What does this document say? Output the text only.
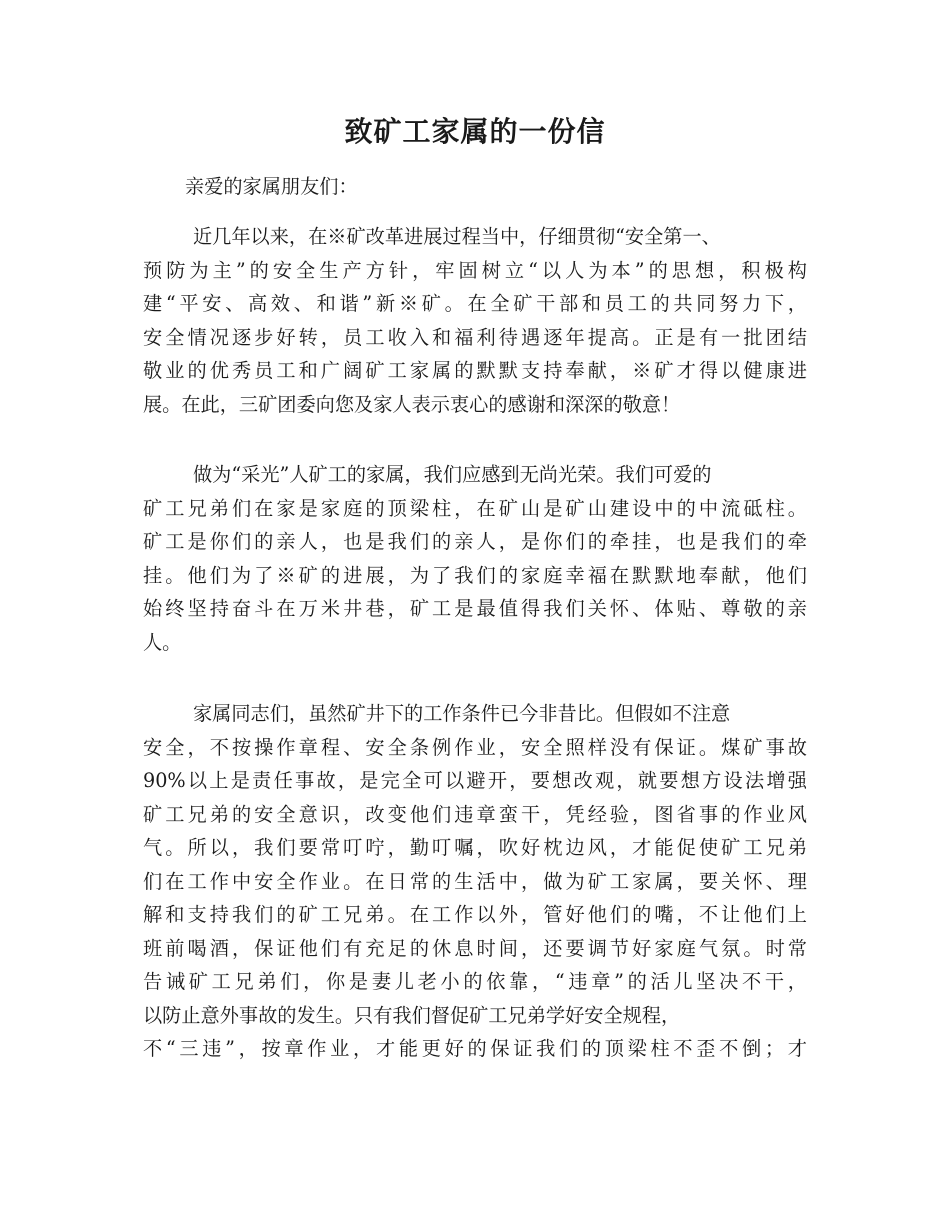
致矿工家属的一份信

亲爱的家属朋友们：

近几年以来，在※矿改革进展过程当中，仔细贯彻“安全第一、
预防为主”的安全生产方针，牢固树立“以人为本”的思想，积极构
建“平安、高效、和谐”新※矿。在全矿干部和员工的共同努力下，
安全情况逐步好转，员工收入和福利待遇逐年提高。正是有一批团结
敬业的优秀员工和广阔矿工家属的默默支持奉献，※矿才得以健康进
展。在此，三矿团委向您及家人表示衷心的感谢和深深的敬意！
做为“采光”人矿工的家属，我们应感到无尚光荣。我们可爱的
矿工兄弟们在家是家庭的顶梁柱，在矿山是矿山建设中的中流砥柱。
矿工是你们的亲人，也是我们的亲人，是你们的牵挂，也是我们的牵
挂。他们为了※矿的进展，为了我们的家庭幸福在默默地奉献，他们
始终坚持奋斗在万米井巷，矿工是最值得我们关怀、体贴、尊敬的亲
人。
家属同志们，虽然矿井下的工作条件已今非昔比。但假如不注意
安全，不按操作章程、安全条例作业，安全照样没有保证。煤矿事故
90%以上是责任事故，是完全可以避开，要想改观，就要想方设法增强
矿工兄弟的安全意识，改变他们违章蛮干，凭经验，图省事的作业风
气。所以，我们要常叮咛，勤叮嘱，吹好枕边风，才能促使矿工兄弟
们在工作中安全作业。在日常的生活中，做为矿工家属，要关怀、理
解和支持我们的矿工兄弟。在工作以外，管好他们的嘴，不让他们上
班前喝酒，保证他们有充足的休息时间，还要调节好家庭气氛。时常
告诫矿工兄弟们，你是妻儿老小的依靠，“违章”的活儿坚决不干，
以防止意外事故的发生。只有我们督促矿工兄弟学好安全规程，
不“三违”，按章作业，才能更好的保证我们的顶梁柱不歪不倒；才
